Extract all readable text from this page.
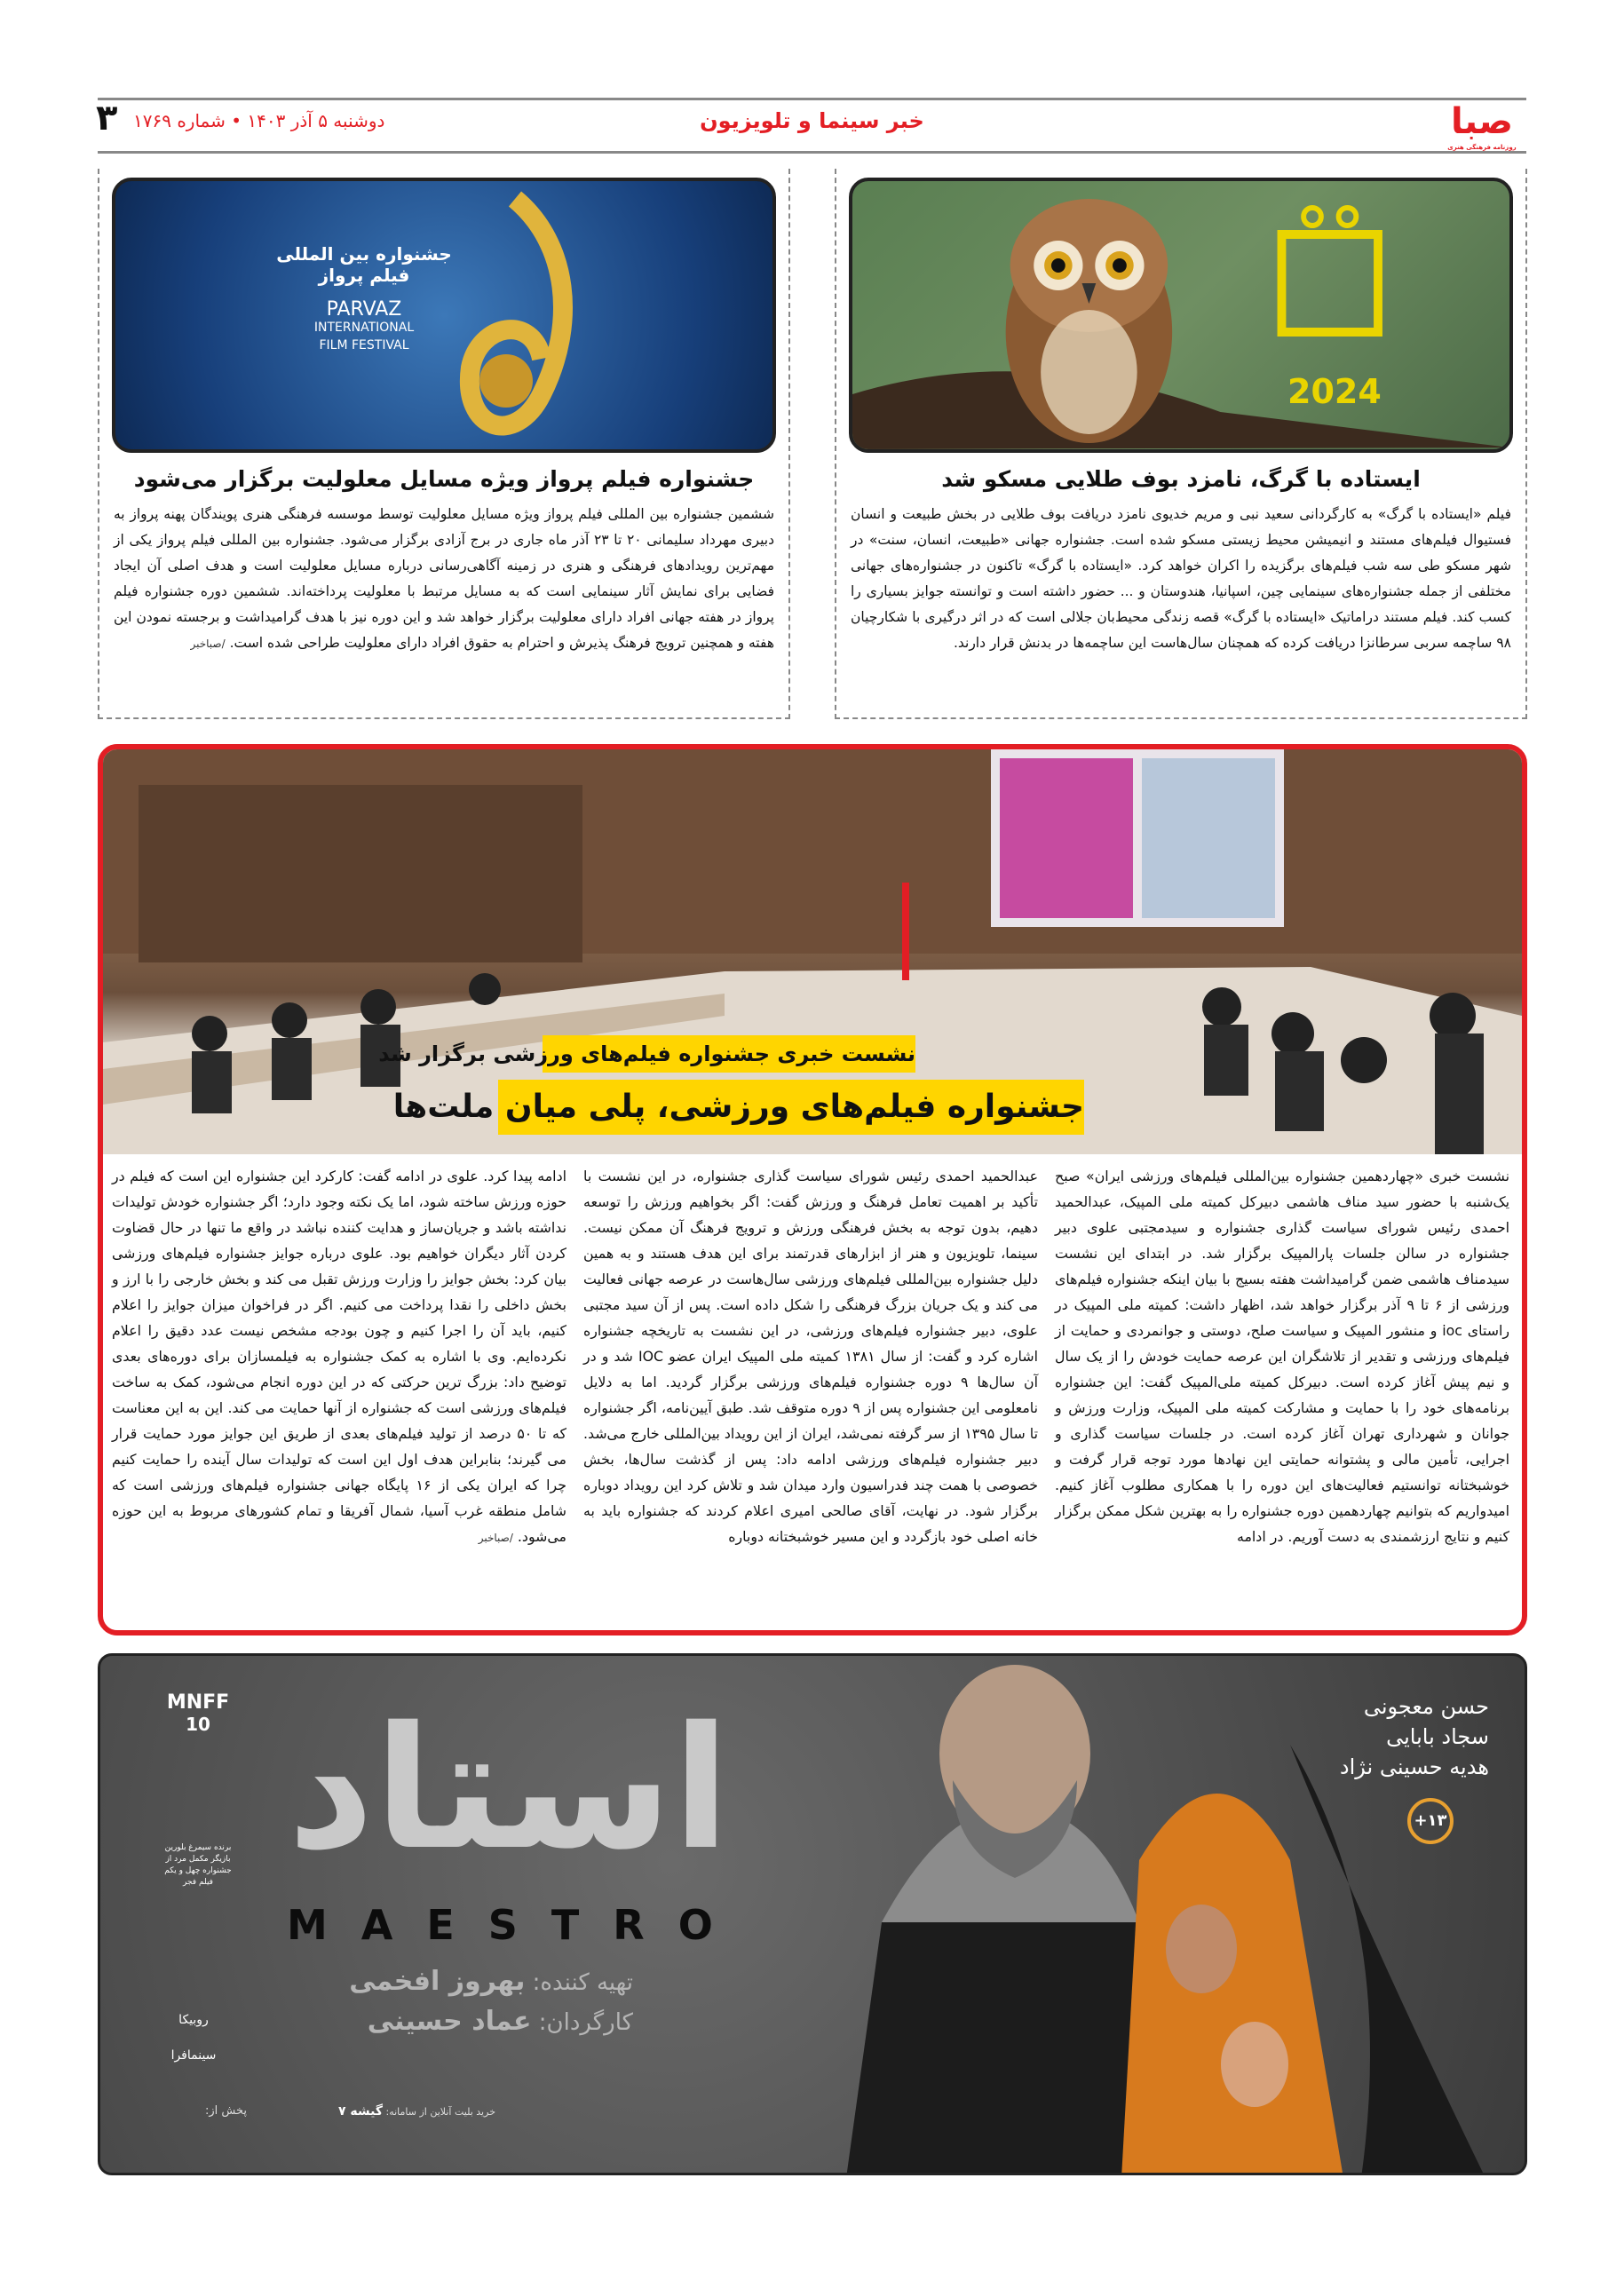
صبا
روزنامه فرهنگی هنری
خبر سینما و تلویزیون
دوشنبه ۵ آذر ۱۴۰۳ • شماره ۱۷۶۹
۳
2024
ایستاده با گرگ، نامزد بوف طلایی مسکو شد

فیلم «ایستاده با گرگ» به کارگردانی سعید نبی و مریم خدیوی نامزد دریافت بوف طلایی در بخش طبیعت و انسان فستیوال فیلم‌های مستند و انیمیشن محیط زیستی مسکو شده است. جشنواره جهانی «طبیعت، انسان، سنت» در شهر مسکو طی سه شب فیلم‌های برگزیده را اکران خواهد کرد. «ایستاده با گرگ» تاکنون در جشنواره‌های جهانی مختلفی از جمله جشنواره‌های سینمایی چین، اسپانیا، هندوستان و ... حضور داشته است و توانسته جوایز بسیاری را کسب کند. فیلم مستند دراماتیک «ایستاده با گرگ» قصه زندگی محیط‌بان جلالی است که در اثر درگیری با شکارچیان ۹۸ ساچمه سربی سرطانزا دریافت کرده که همچنان سال‌هاست این ساچمه‌ها در بدنش قرار دارند.

جشنواره بین المللی فیلم پرواز
PARVAZ
INTERNATIONAL
FILM FESTIVAL
جشنواره فیلم پرواز ویژه مسایل معلولیت برگزار می‌شود

ششمین جشنواره بین المللی فیلم پرواز ویژه مسایل معلولیت توسط موسسه فرهنگی هنری پویندگان پهنه پرواز به دبیری مهرداد سلیمانی ۲۰ تا ۲۳ آذر ماه جاری در برج آزادی برگزار می‌شود. جشنواره بین المللی فیلم پرواز یکی از مهم‌ترین رویدادهای فرهنگی و هنری در زمینه آگاهی‌رسانی درباره مسایل معلولیت است و هدف اصلی آن ایجاد فضایی برای نمایش آثار سینمایی است که به مسایل مرتبط با معلولیت پرداخته‌اند. ششمین دوره جشنواره فیلم پرواز در هفته جهانی افراد دارای معلولیت برگزار خواهد شد و این دوره نیز با هدف گرامیداشت و برجسته نمودن این هفته و همچنین ترویج فرهنگ پذیرش و احترام به حقوق افراد دارای معلولیت طراحی شده است. /صباخبر

نشست خبری جشنواره فیلم‌های ورزشی برگزار شد
جشنواره فیلم‌های ورزشی، پلی میان ملت‌ها
نشست خبری «چهاردهمین جشنواره بین‌المللی فیلم‌های ورزشی ایران» صبح یک‌شنبه با حضور سید مناف هاشمی دبیرکل کمیته ملی المپیک، عبدالحمید احمدی رئیس شورای سیاست گذاری جشنواره و سیدمجتبی علوی دبیر جشنواره در سالن جلسات پارالمپیک برگزار شد. در ابتدای این نشست سیدمناف هاشمی ضمن گرامیداشت هفته بسیج با بیان اینکه جشنواره فیلم‌های ورزشی از ۶ تا ۹ آذر برگزار خواهد شد، اظهار داشت: کمیته ملی المپیک در راستای ioc و منشور المپیک و سیاست صلح، دوستی و جوانمردی و حمایت از فیلم‌های ورزشی و تقدیر از تلاشگران این عرصه حمایت خودش را از یک سال و نیم پیش آغاز کرده است. دبیرکل کمیته ملی‌المپیک گفت: این جشنواره برنامه‌های خود را با حمایت و مشارکت کمیته ملی المپیک، وزارت ورزش و جوانان و شهرداری تهران آغاز کرده است. در جلسات سیاست گذاری و اجرایی، تأمین مالی و پشتوانه حمایتی این نهادها مورد توجه قرار گرفت و خوشبختانه توانستیم فعالیت‌های این دوره را با همکاری مطلوب آغاز کنیم. امیدواریم که بتوانیم چهاردهمین دوره جشنواره را به بهترین شکل ممکن برگزار کنیم و نتایج ارزشمندی به دست آوریم. در ادامه
عبدالحمید احمدی رئیس شورای سیاست گذاری جشنواره، در این نشست با تأکید بر اهمیت تعامل فرهنگ و ورزش گفت: اگر بخواهیم ورزش را توسعه دهیم، بدون توجه به بخش فرهنگی ورزش و ترویج فرهنگ آن ممکن نیست. سینما، تلویزیون و هنر از ابزارهای قدرتمند برای این هدف هستند و به همین دلیل جشنواره بین‌المللی فیلم‌های ورزشی سال‌هاست در عرصه جهانی فعالیت می کند و یک جریان بزرگ فرهنگی را شکل داده است. پس از آن سید مجتبی علوی، دبیر جشنواره فیلم‌های ورزشی، در این نشست به تاریخچه جشنواره اشاره کرد و گفت: از سال ۱۳۸۱ کمیته ملی المپیک ایران عضو IOC شد و در آن سال‌ها ۹ دوره جشنواره فیلم‌های ورزشی برگزار گردید. اما به دلایل نامعلومی این جشنواره پس از ۹ دوره متوقف شد. طبق آیین‌نامه، اگر جشنواره تا سال ۱۳۹۵ از سر گرفته نمی‌شد، ایران از این رویداد بین‌المللی خارج می‌شد. دبیر جشنواره فیلم‌های ورزشی ادامه داد: پس از گذشت سال‌ها، بخش خصوصی با همت چند فدراسیون وارد میدان شد و تلاش کرد این رویداد دوباره برگزار شود. در نهایت، آقای صالحی امیری اعلام کردند که جشنواره باید به خانه اصلی خود بازگردد و این مسیر خوشبختانه دوباره
ادامه پیدا کرد. علوی در ادامه گفت: کارکرد این جشنواره این است که فیلم در حوزه ورزش ساخته شود، اما یک نکته وجود دارد؛ اگر جشنواره خودش تولیدات نداشته باشد و جریان‌ساز و هدایت کننده نباشد در واقع ما تنها در حال قضاوت کردن آثار دیگران خواهیم بود. علوی درباره جوایز جشنواره فیلم‌های ورزشی بیان کرد: بخش جوایز را وزارت ورزش تقبل می کند و بخش خارجی را با ارز و بخش داخلی را نقدا پرداخت می کنیم. اگر در فراخوان میزان جوایز را اعلام کنیم، باید آن را اجرا کنیم و چون بودجه مشخص نیست عدد دقیق را اعلام نکرده‌ایم. وی با اشاره به کمک جشنواره به فیلمسازان برای دوره‌های بعدی توضیح داد: بزرگ ترین حرکتی که در این دوره انجام می‌شود، کمک به ساخت فیلم‌های ورزشی است که جشنواره از آنها حمایت می کند. این به این معناست که تا ۵۰ درصد از تولید فیلم‌های بعدی از طریق این جوایز مورد حمایت قرار می گیرند؛ بنابراین هدف اول این است که تولیدات سال آینده را حمایت کنیم چرا که ایران یکی از ۱۶ پایگاه جهانی جشنواره فیلم‌های ورزشی است که شامل منطقه غرب آسیا، شمال آفریقا و تمام کشورهای مربوط به این حوزه می‌شود. /صباخبر
MNFF
10
برنده سیمرغ بلورین بازیگر مکمل مرد از جشنواره چهل و یکم فیلم فجر
روبیکا
سینمافرا
استاد
MAESTRO
تهیه کننده: بهروز افخمی
کارگردان: عماد حسینی
پخش از:	خرید بلیت آنلاین از سامانه: گیشه ۷
حسن معجونی
سجاد بابایی
هدیه حسینی نژاد
+۱۳
